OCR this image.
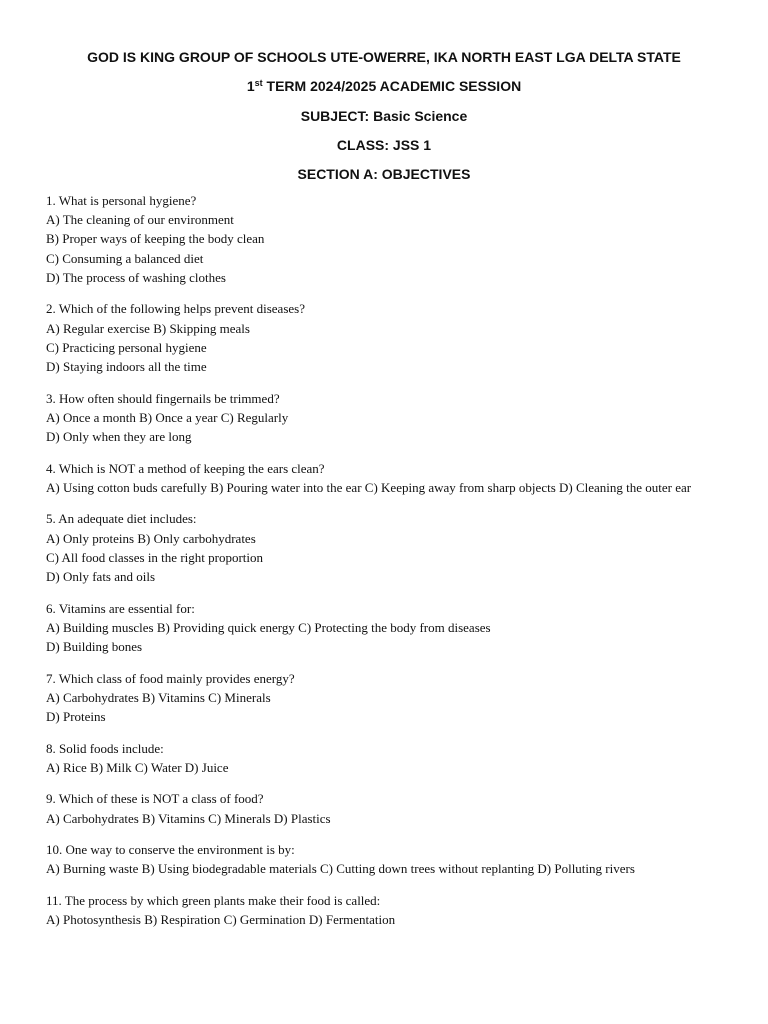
GOD IS KING GROUP OF SCHOOLS UTE-OWERRE, IKA NORTH EAST LGA DELTA STATE
1st TERM 2024/2025 ACADEMIC SESSION
SUBJECT: Basic Science
CLASS: JSS 1
SECTION A: OBJECTIVES
1. What is personal hygiene?
A) The cleaning of our environment
B) Proper ways of keeping the body clean
C) Consuming a balanced diet
D) The process of washing clothes
2. Which of the following helps prevent diseases?
A) Regular exercise B) Skipping meals
C) Practicing personal hygiene
D) Staying indoors all the time
3. How often should fingernails be trimmed?
A) Once a month B) Once a year C) Regularly
D) Only when they are long
4. Which is NOT a method of keeping the ears clean?
A) Using cotton buds carefully B) Pouring water into the ear C) Keeping away from sharp objects D) Cleaning the outer ear
5. An adequate diet includes:
A) Only proteins B) Only carbohydrates
C) All food classes in the right proportion
D) Only fats and oils
6. Vitamins are essential for:
A) Building muscles B) Providing quick energy C) Protecting the body from diseases
D) Building bones
7. Which class of food mainly provides energy?
A) Carbohydrates B) Vitamins C) Minerals
D) Proteins
8. Solid foods include:
A) Rice B) Milk C) Water D) Juice
9. Which of these is NOT a class of food?
A) Carbohydrates B) Vitamins C) Minerals D) Plastics
10. One way to conserve the environment is by:
A) Burning waste B) Using biodegradable materials C) Cutting down trees without replanting D) Polluting rivers
11. The process by which green plants make their food is called:
A) Photosynthesis B) Respiration C) Germination D) Fermentation
